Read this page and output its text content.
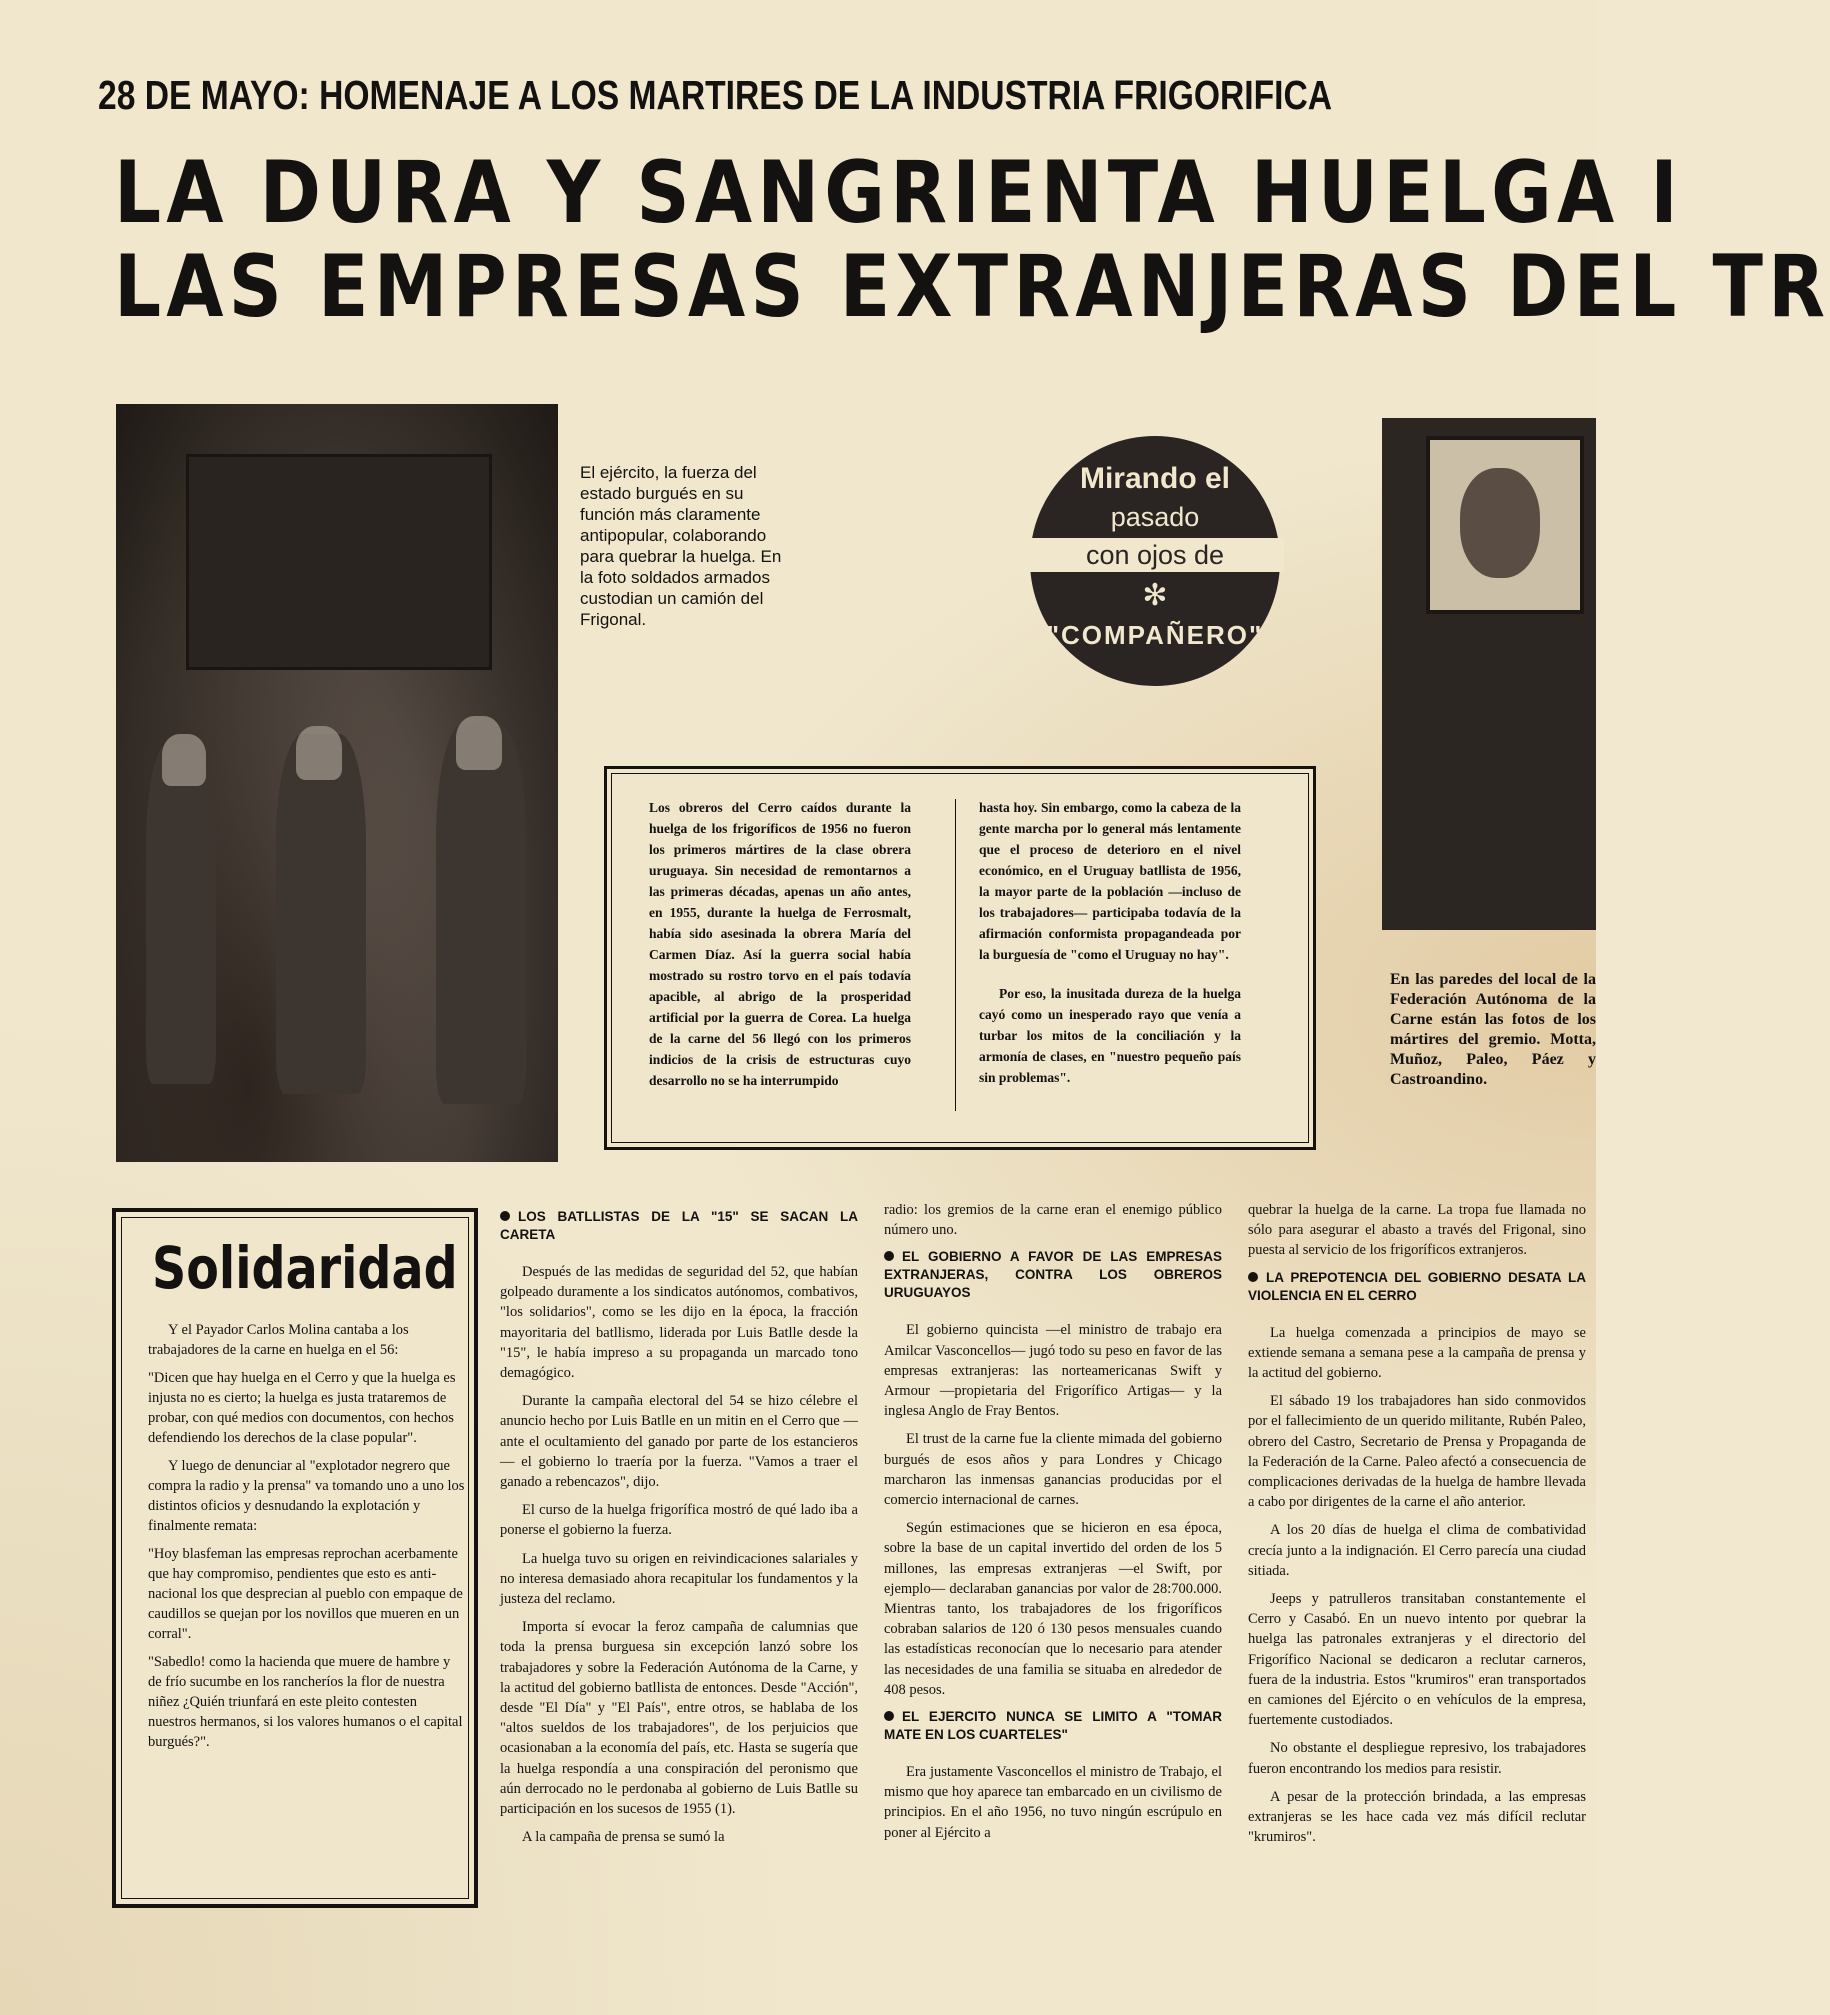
28 DE MAYO: HOMENAJE A LOS MARTIRES DE LA INDUSTRIA FRIGORIFICA
LA DURA Y SANGRIENTA HUELGA I
LAS EMPRESAS EXTRANJERAS DEL TR
El ejército, la fuerza del estado burgués en su función más claramente antipopular, colaborando para quebrar la huelga. En la foto soldados armados custodian un camión del Frigonal.
Mirando el
pasado
con ojos de
✻
"COMPAÑERO"
En las paredes del local de la Federación Autónoma de la Carne están las fotos de los mártires del gremio. Motta, Muñoz, Paleo, Páez y Castroandino.
Los obreros del Cerro caídos durante la huelga de los frigoríficos de 1956 no fueron los primeros mártires de la clase obrera uruguaya. Sin necesidad de remontarnos a las primeras décadas, apenas un año antes, en 1955, durante la huelga de Ferrosmalt, había sido asesinada la obrera María del Carmen Díaz. Así la guerra social había mostrado su rostro torvo en el país todavía apacible, al abrigo de la prosperidad artificial por la guerra de Corea. La huelga de la carne del 56 llegó con los primeros indicios de la crisis de estructuras cuyo desarrollo no se ha interrumpido
hasta hoy. Sin embargo, como la cabeza de la gente marcha por lo general más lentamente que el proceso de deterioro en el nivel económico, en el Uruguay batllista de 1956, la mayor parte de la población —incluso de los trabajadores— participaba todavía de la afirmación conformista propagandeada por la burguesía de "como el Uruguay no hay".
Por eso, la inusitada dureza de la huelga cayó como un inesperado rayo que venía a turbar los mitos de la conciliación y la armonía de clases, en "nuestro pequeño país sin problemas".
Solidaridad

Y el Payador Carlos Molina cantaba a los trabajadores de la carne en huelga en el 56:

"Dicen que hay huelga en el Cerro y que la huelga es injusta no es cierto; la huelga es justa trataremos de probar, con qué medios con documentos, con hechos defendiendo los derechos de la clase popular".

Y luego de denunciar al "explotador negrero que compra la radio y la prensa" va tomando uno a uno los distintos oficios y desnudando la explotación y finalmente remata:

"Hoy blasfeman las empresas reprochan acerbamente que hay compromiso, pendientes que esto es anti-nacional los que desprecian al pueblo con empaque de caudillos se quejan por los novillos que mueren en un corral".

"Sabedlo! como la hacienda que muere de hambre y de frío sucumbe en los rancheríos la flor de nuestra niñez ¿Quién triunfará en este pleito contesten nuestros hermanos, si los valores humanos o el capital burgués?".

LOS BATLLISTAS DE LA "15" SE SACAN LA CARETA

Después de las medidas de seguridad del 52, que habían golpeado duramente a los sindicatos autónomos, combativos, "los solidarios", como se les dijo en la época, la fracción mayoritaria del batllismo, liderada por Luis Batlle desde la "15", le había impreso a su propaganda un marcado tono demagógico.

Durante la campaña electoral del 54 se hizo célebre el anuncio hecho por Luis Batlle en un mitin en el Cerro que —ante el ocultamiento del ganado por parte de los estancieros— el gobierno lo traería por la fuerza. "Vamos a traer el ganado a rebencazos", dijo.

El curso de la huelga frigorífica mostró de qué lado iba a ponerse el gobierno la fuerza.

La huelga tuvo su origen en reivindicaciones salariales y no interesa demasiado ahora recapitular los fundamentos y la justeza del reclamo.

Importa sí evocar la feroz campaña de calumnias que toda la prensa burguesa sin excepción lanzó sobre los trabajadores y sobre la Federación Autónoma de la Carne, y la actitud del gobierno batllista de entonces. Desde "Acción", desde "El Día" y "El País", entre otros, se hablaba de los "altos sueldos de los trabajadores", de los perjuicios que ocasionaban a la economía del país, etc. Hasta se sugería que la huelga respondía a una conspiración del peronismo que aún derrocado no le perdonaba al gobierno de Luis Batlle su participación en los sucesos de 1955 (1).

A la campaña de prensa se sumó la

radio: los gremios de la carne eran el enemigo público número uno.

EL GOBIERNO A FAVOR DE LAS EMPRESAS EXTRANJERAS, CONTRA LOS OBREROS URUGUAYOS

El gobierno quincista —el ministro de trabajo era Amilcar Vasconcellos— jugó todo su peso en favor de las empresas extranjeras: las norteamericanas Swift y Armour —propietaria del Frigorífico Artigas— y la inglesa Anglo de Fray Bentos.

El trust de la carne fue la cliente mimada del gobierno burgués de esos años y para Londres y Chicago marcharon las inmensas ganancias producidas por el comercio internacional de carnes.

Según estimaciones que se hicieron en esa época, sobre la base de un capital invertido del orden de los 5 millones, las empresas extranjeras —el Swift, por ejemplo— declaraban ganancias por valor de 28:700.000. Mientras tanto, los trabajadores de los frigoríficos cobraban salarios de 120 ó 130 pesos mensuales cuando las estadísticas reconocían que lo necesario para atender las necesidades de una familia se situaba en alrededor de 408 pesos.

EL EJERCITO NUNCA SE LIMITO A "TOMAR MATE EN LOS CUARTELES"

Era justamente Vasconcellos el ministro de Trabajo, el mismo que hoy aparece tan embarcado en un civilismo de principios. En el año 1956, no tuvo ningún escrúpulo en poner al Ejército a

quebrar la huelga de la carne. La tropa fue llamada no sólo para asegurar el abasto a través del Frigonal, sino puesta al servicio de los frigoríficos extranjeros.

LA PREPOTENCIA DEL GOBIERNO DESATA LA VIOLENCIA EN EL CERRO

La huelga comenzada a principios de mayo se extiende semana a semana pese a la campaña de prensa y la actitud del gobierno.

El sábado 19 los trabajadores han sido conmovidos por el fallecimiento de un querido militante, Rubén Paleo, obrero del Castro, Secretario de Prensa y Propaganda de la Federación de la Carne. Paleo afectó a consecuencia de complicaciones derivadas de la huelga de hambre llevada a cabo por dirigentes de la carne el año anterior.

A los 20 días de huelga el clima de combatividad crecía junto a la indignación. El Cerro parecía una ciudad sitiada.

Jeeps y patrulleros transitaban constantemente el Cerro y Casabó. En un nuevo intento por quebrar la huelga las patronales extranjeras y el directorio del Frigorífico Nacional se dedicaron a reclutar carneros, fuera de la industria. Estos "krumiros" eran transportados en camiones del Ejército o en vehículos de la empresa, fuertemente custodiados.

No obstante el despliegue represivo, los trabajadores fueron encontrando los medios para resistir.

A pesar de la protección brindada, a las empresas extranjeras se les hace cada vez más difícil reclutar "krumiros".
